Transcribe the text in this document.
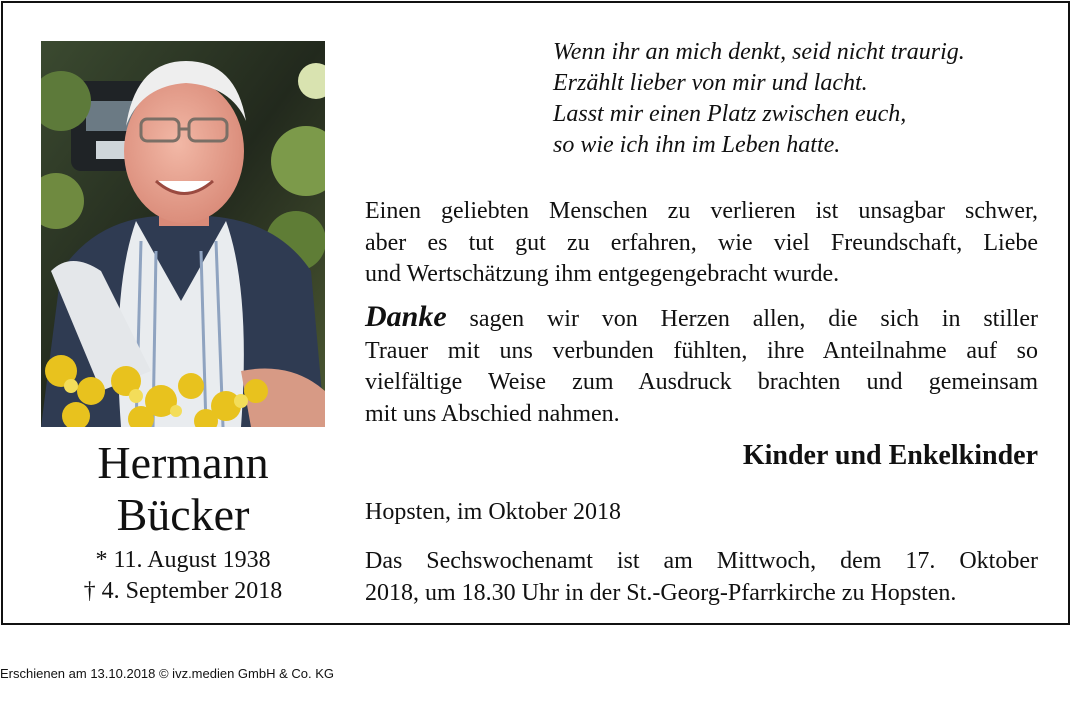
Hermann
Bücker
* 11. August 1938
† 4. September 2018
Wenn ihr an mich denkt, seid nicht traurig.
Erzählt lieber von mir und lacht.
Lasst mir einen Platz zwischen euch,
so wie ich ihn im Leben hatte.
Einen geliebten Menschen zu verlieren ist unsagbar schwer,
aber es tut gut zu erfahren, wie viel Freundschaft, Liebe
und Wertschätzung ihm entgegengebracht wurde.
Danke sagen wir von Herzen allen, die sich in stiller
Trauer mit uns verbunden fühlten, ihre Anteilnahme auf so
vielfältige Weise zum Ausdruck brachten und gemeinsam
mit uns Abschied nahmen.
Kinder und Enkelkinder
Hopsten, im Oktober 2018
Das Sechswochenamt ist am Mittwoch, dem 17. Oktober
2018, um 18.30 Uhr in der St.-Georg-Pfarrkirche zu Hopsten.
Erschienen am 13.10.2018 © ivz.medien GmbH & Co. KG
